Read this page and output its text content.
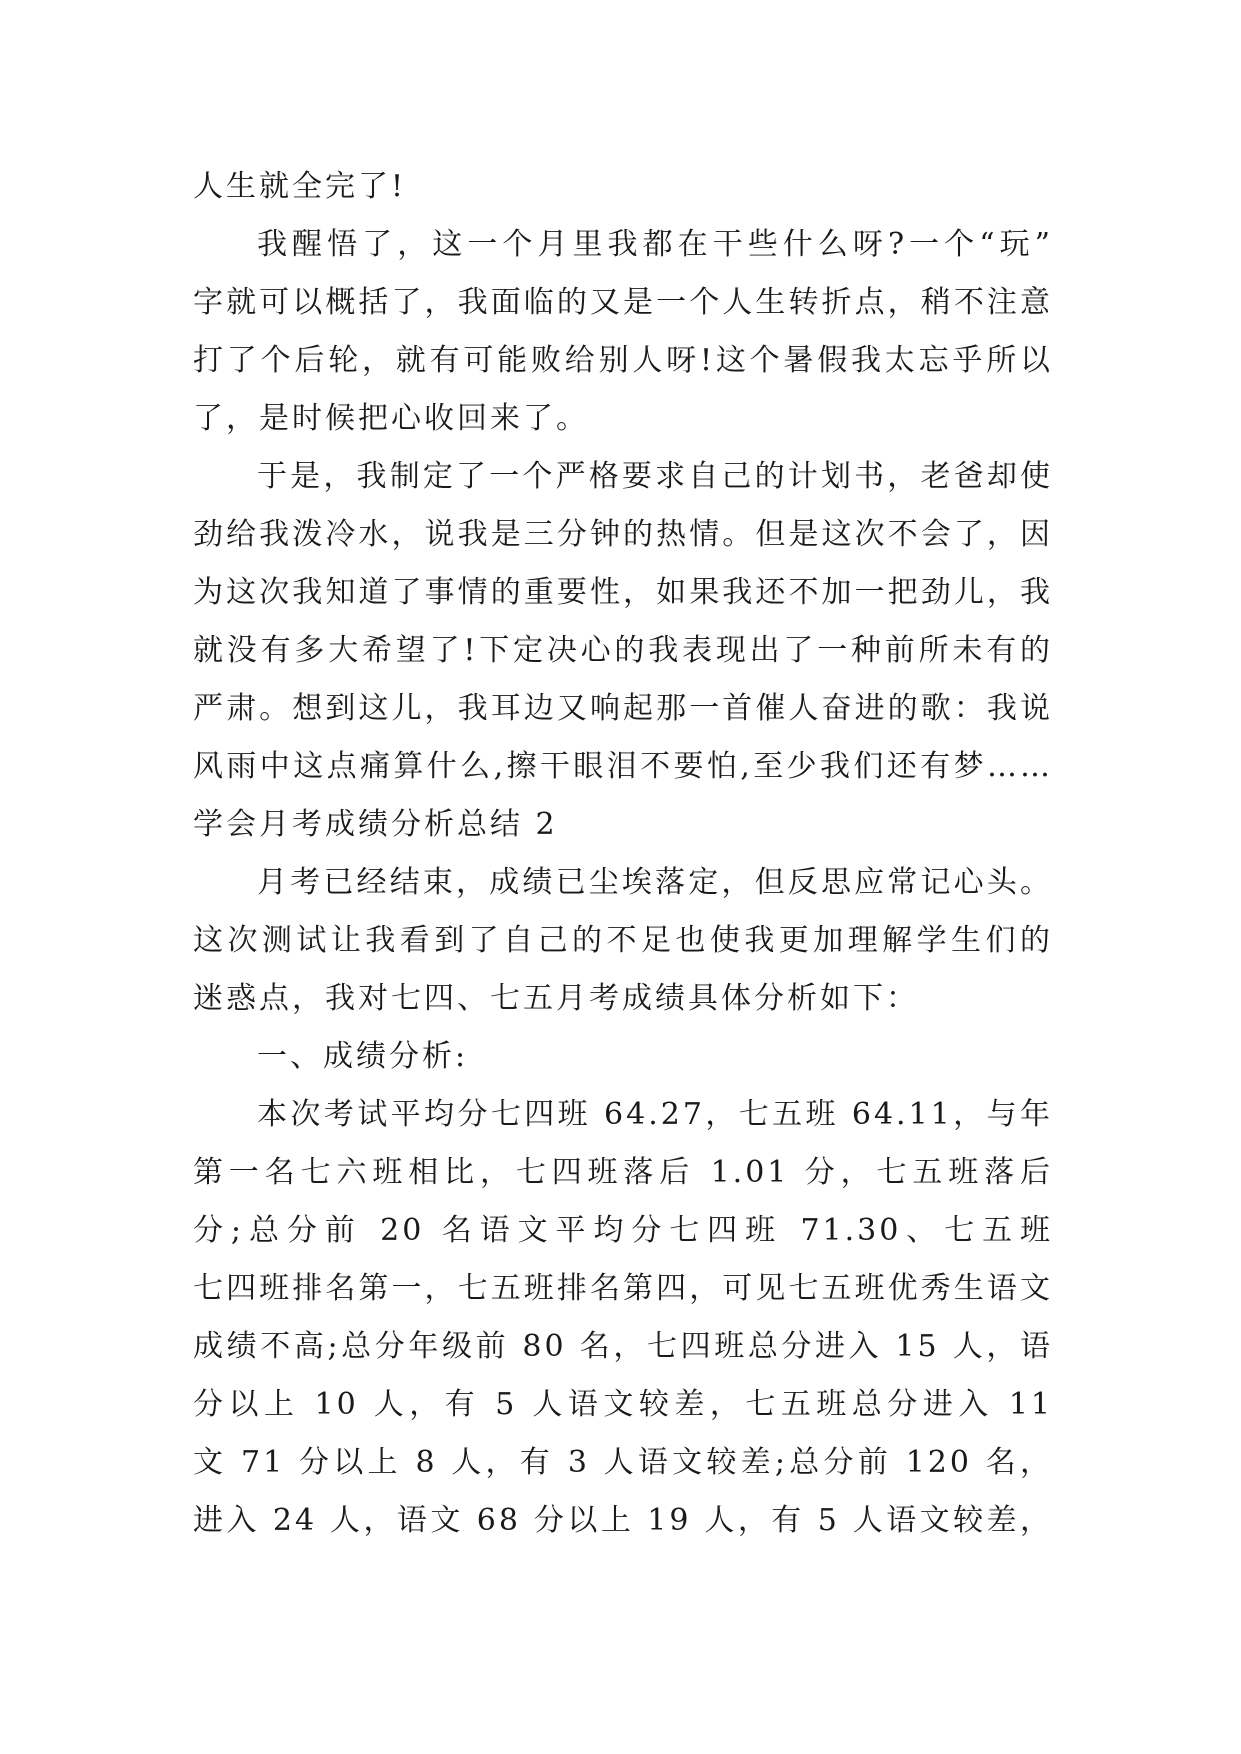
人生就全完了!
我醒悟了，这一个月里我都在干些什么呀?一个“玩”
字就可以概括了，我面临的又是一个人生转折点，稍不注意
打了个后轮，就有可能败给别人呀!这个暑假我太忘乎所以
了，是时候把心收回来了。
于是，我制定了一个严格要求自己的计划书，老爸却使
劲给我泼冷水，说我是三分钟的热情。但是这次不会了，因
为这次我知道了事情的重要性，如果我还不加一把劲儿，我
就没有多大希望了!下定决心的我表现出了一种前所未有的
严肃。想到这儿，我耳边又响起那一首催人奋进的歌：我说
风雨中这点痛算什么,擦干眼泪不要怕,至少我们还有梦……
学会月考成绩分析总结 2
月考已经结束，成绩已尘埃落定，但反思应常记心头。
这次测试让我看到了自己的不足也使我更加理解学生们的
迷惑点，我对七四、七五月考成绩具体分析如下：
一、成绩分析:
本次考试平均分七四班 64.27，七五班 64.11，与年
第一名七六班相比，七四班落后 1.01 分，七五班落后
分;总分前 20 名语文平均分七四班 71.30、七五班
七四班排名第一，七五班排名第四，可见七五班优秀生语文
成绩不高;总分年级前 80 名，七四班总分进入 15 人，语
分以上 10 人，有 5 人语文较差，七五班总分进入 11
文 71 分以上 8 人，有 3 人语文较差;总分前 120 名，
进入 24 人，语文 68 分以上 19 人，有 5 人语文较差，
